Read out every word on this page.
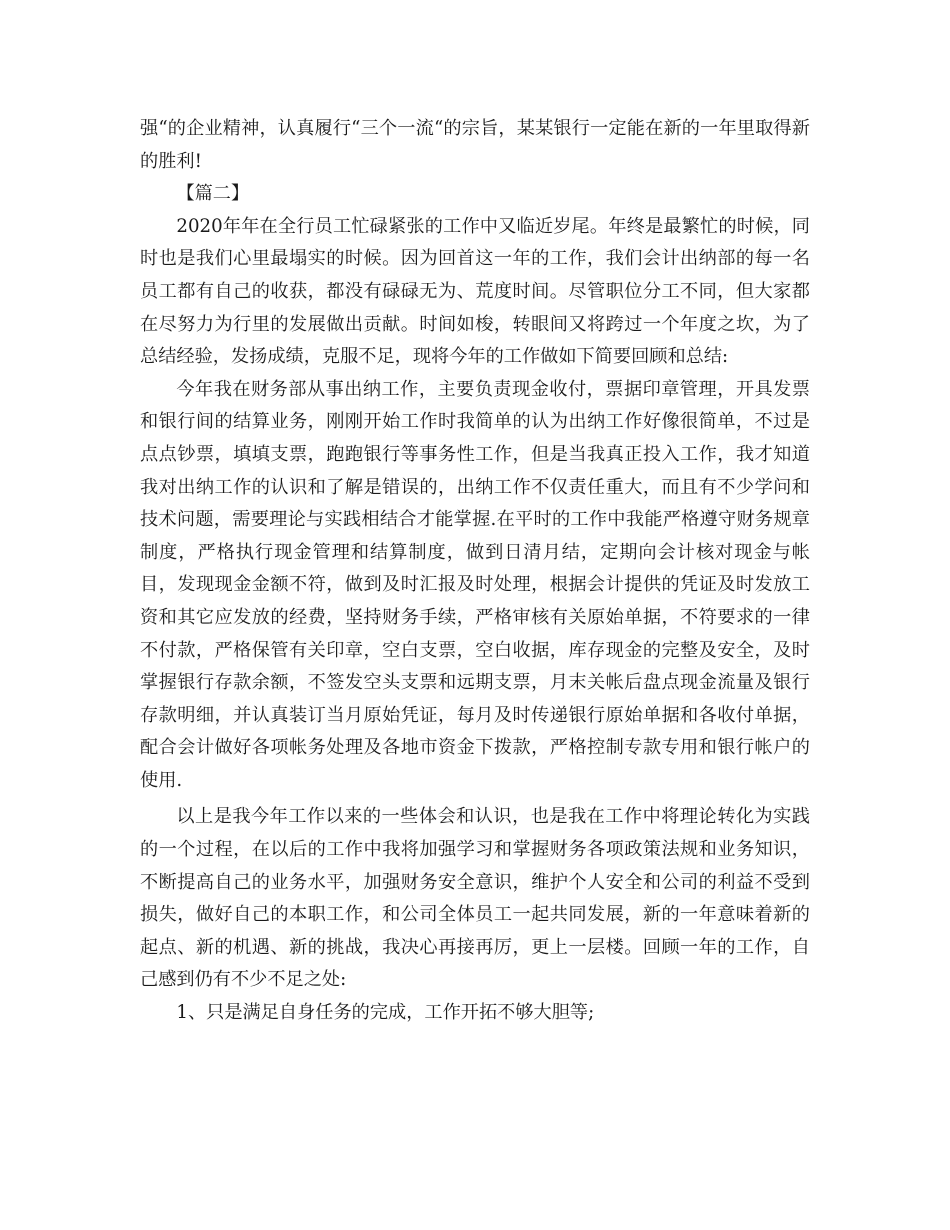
强“的企业精神，认真履行“三个一流“的宗旨，某某银行一定能在新的一年里取得新的胜利!

【篇二】

2020年年在全行员工忙碌紧张的工作中又临近岁尾。年终是最繁忙的时候，同时也是我们心里最塌实的时候。因为回首这一年的工作，我们会计出纳部的每一名员工都有自己的收获，都没有碌碌无为、荒度时间。尽管职位分工不同，但大家都在尽努力为行里的发展做出贡献。时间如梭，转眼间又将跨过一个年度之坎，为了总结经验，发扬成绩，克服不足，现将今年的工作做如下简要回顾和总结:

今年我在财务部从事出纳工作，主要负责现金收付，票据印章管理，开具发票和银行间的结算业务，刚刚开始工作时我简单的认为出纳工作好像很简单，不过是点点钞票，填填支票，跑跑银行等事务性工作，但是当我真正投入工作，我才知道我对出纳工作的认识和了解是错误的，出纳工作不仅责任重大，而且有不少学问和技术问题，需要理论与实践相结合才能掌握.在平时的工作中我能严格遵守财务规章制度，严格执行现金管理和结算制度，做到日清月结，定期向会计核对现金与帐目，发现现金金额不符，做到及时汇报及时处理，根据会计提供的凭证及时发放工资和其它应发放的经费，坚持财务手续，严格审核有关原始单据，不符要求的一律不付款，严格保管有关印章，空白支票，空白收据，库存现金的完整及安全，及时掌握银行存款余额，不签发空头支票和远期支票，月末关帐后盘点现金流量及银行存款明细，并认真装订当月原始凭证，每月及时传递银行原始单据和各收付单据，配合会计做好各项帐务处理及各地市资金下拨款，严格控制专款专用和银行帐户的使用.

以上是我今年工作以来的一些体会和认识，也是我在工作中将理论转化为实践的一个过程，在以后的工作中我将加强学习和掌握财务各项政策法规和业务知识，不断提高自己的业务水平，加强财务安全意识，维护个人安全和公司的利益不受到损失，做好自己的本职工作，和公司全体员工一起共同发展，新的一年意味着新的起点、新的机遇、新的挑战，我决心再接再厉，更上一层楼。回顾一年的工作，自己感到仍有不少不足之处:

1、只是满足自身任务的完成，工作开拓不够大胆等;
